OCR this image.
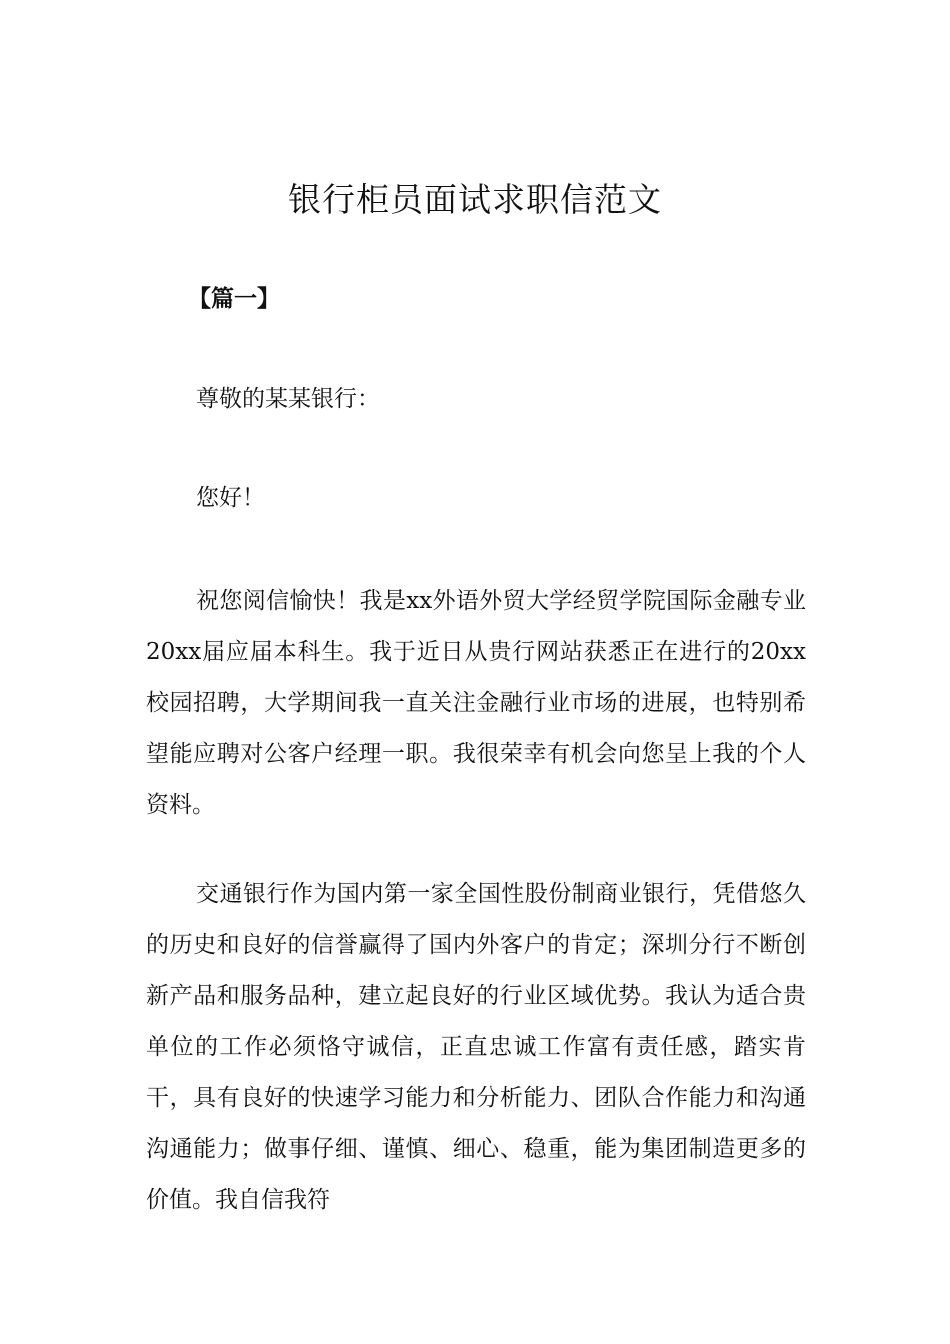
银行柜员面试求职信范文
【篇一】
尊敬的某某银行：
您好！

祝您阅信愉快！我是xx外语外贸大学经贸学院国际金融专业20xx届应届本科生。我于近日从贵行网站获悉正在进行的20xx校园招聘，大学期间我一直关注金融行业市场的进展，也特别希望能应聘对公客户经理一职。我很荣幸有机会向您呈上我的个人资料。

交通银行作为国内第一家全国性股份制商业银行，凭借悠久的历史和良好的信誉赢得了国内外客户的肯定；深圳分行不断创新产品和服务品种，建立起良好的行业区域优势。我认为适合贵单位的工作必须恪守诚信，正直忠诚工作富有责任感，踏实肯干，具有良好的快速学习能力和分析能力、团队合作能力和沟通沟通能力；做事仔细、谨慎、细心、稳重，能为集团制造更多的价值。我自信我符
